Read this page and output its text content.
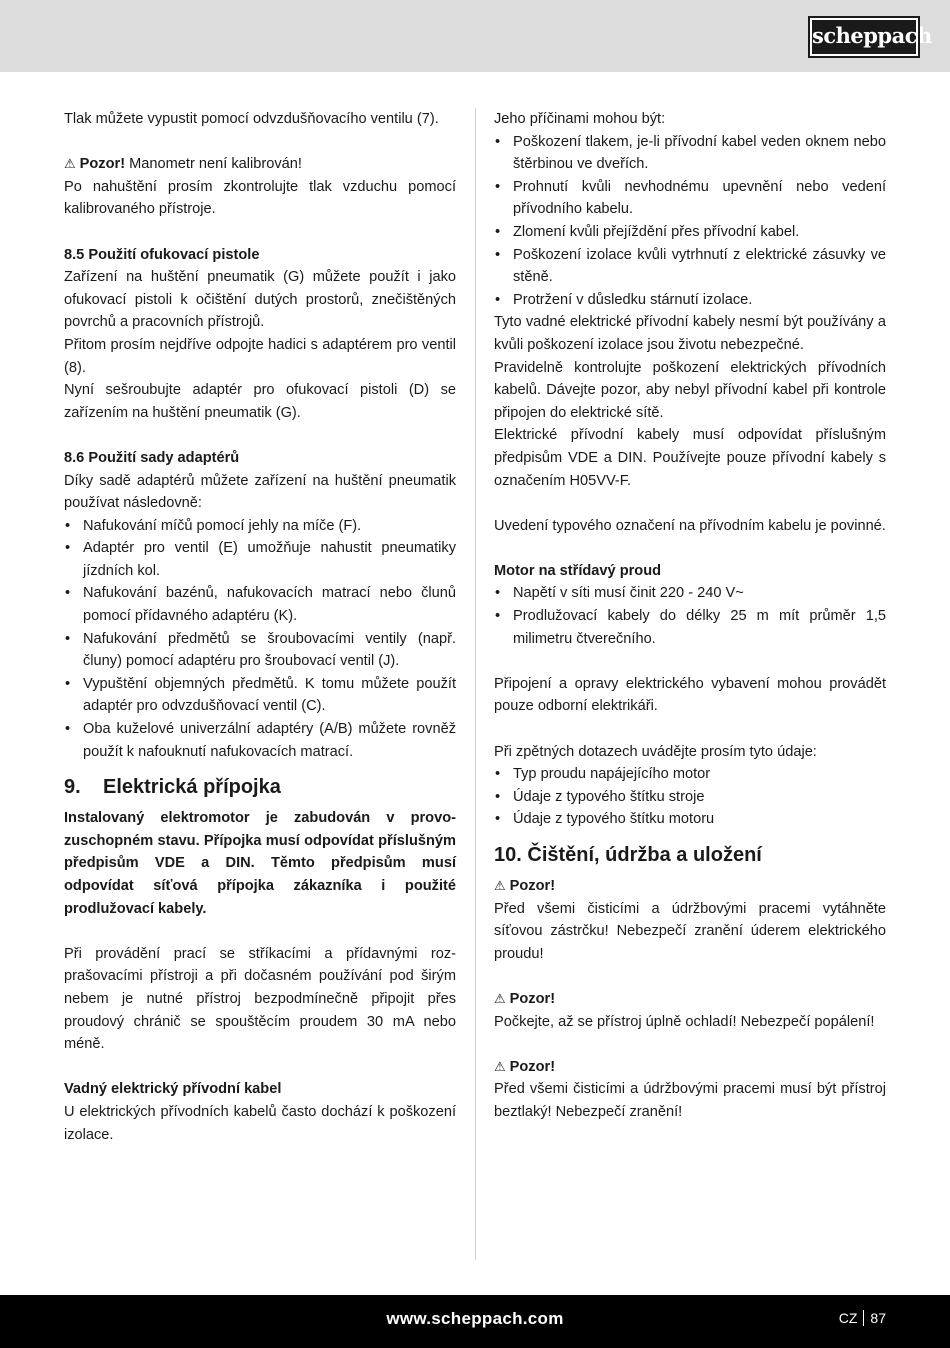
scheppach

Tlak můžete vypustit pomocí odvzdušňovacího ventilu (7).

⚠ Pozor! Manometr není kalibrován!

Po nahuštění prosím zkontrolujte tlak vzduchu pomocí kalibrovaného přístroje.

8.5 Použití ofukovací pistole

Zařízení na huštění pneumatik (G) můžete použít i jako ofukovací pistoli k očištění dutých prostorů, znečištěných povrchů a pracovních přístrojů.

Přitom prosím nejdříve odpojte hadici s adaptérem pro ventil (8).

Nyní sešroubujte adaptér pro ofukovací pistoli (D) se zařízením na huštění pneumatik (G).

8.6 Použití sady adaptérů

Díky sadě adaptérů můžete zařízení na huštění pneumatik používat následovně:

• Nafukování míčů pomocí jehly na míče (F).
• Adaptér pro ventil (E) umožňuje nahustit pneumatiky jízdních kol.
• Nafukování bazénů, nafukovacích matrací nebo člunů pomocí přídavného adaptéru (K).
• Nafukování předmětů se šroubovacími ventily (např. čluny) pomocí adaptéru pro šroubovací ventil (J).
• Vypuštění objemných předmětů. K tomu můžete použít adaptér pro odvzdušňovací ventil (C).
• Oba kuželové univerzální adaptéry (A/B) můžete rovněž použít k nafouknutí nafukovacích matrací.
9. Elektrická přípojka

Instalovaný elektromotor je zabudován v provozuschopném stavu. Přípojka musí odpovídat příslušným předpisům VDE a DIN. Těmto předpisům musí odpovídat síťová přípojka zákazníka i použité prodlužovací kabely.

Při provádění prací se stříkacími a přídavnými rozprašovacími přístroji a při dočasném používání pod širým nebem je nutné přístroj bezpodmínečně připojit přes proudový chránič se spouštěcím proudem 30 mA nebo méně.

Vadný elektrický přívodní kabel

U elektrických přívodních kabelů často dochází k poškození izolace.

Jeho příčinami mohou být:

• Poškození tlakem, je-li přívodní kabel veden oknem nebo štěrbinou ve dveřích.
• Prohnutí kvůli nevhodnému upevnění nebo vedení přívodního kabelu.
• Zlomení kvůli přejíždění přes přívodní kabel.
• Poškození izolace kvůli vytrhnutí z elektrické zásuvky ve stěně.
• Protržení v důsledku stárnutí izolace.

Tyto vadné elektrické přívodní kabely nesmí být používány a kvůli poškození izolace jsou životu nebezpečné.

Pravidelně kontrolujte poškození elektrických přívodních kabelů. Dávejte pozor, aby nebyl přívodní kabel při kontrole připojen do elektrické sítě.

Elektrické přívodní kabely musí odpovídat příslušným předpisům VDE a DIN. Používejte pouze přívodní kabely s označením H05VV-F.

Uvedení typového označení na přívodním kabelu je povinné.

Motor na střídavý proud

• Napětí v síti musí činit 220 - 240 V~
• Prodlužovací kabely do délky 25 m mít průměr 1,5 milimetru čtverečního.

Připojení a opravy elektrického vybavení mohou provádět pouze odborní elektrikáři.

Při zpětných dotazech uvádějte prosím tyto údaje:

• Typ proudu napájejícího motor
• Údaje z typového štítku stroje
• Údaje z typového štítku motoru
10. Čištění, údržba a uložení

⚠ Pozor!

Před všemi čisticími a údržbovými pracemi vytáhněte síťovou zástrčku! Nebezpečí zranění úderem elektrického proudu!

⚠ Pozor!

Počkejte, až se přístroj úplně ochladí! Nebezpečí popálení!

⚠ Pozor!

Před všemi čisticími a údržbovými pracemi musí být přístroj beztlaký! Nebezpečí zranění!

www.scheppach.com	CZ 87
